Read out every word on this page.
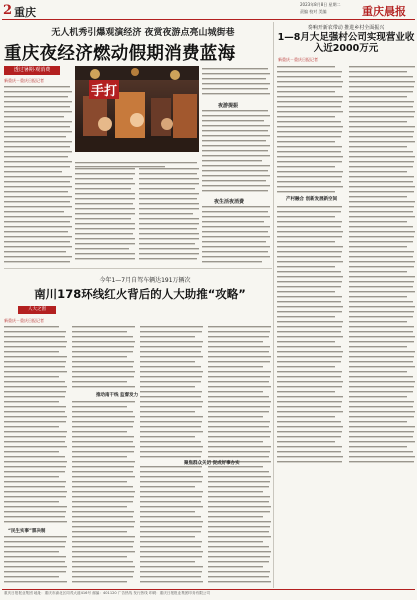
2 重庆
2023年8月8日 星期二
责编 校对 美编	重庆晨报
无人机秀引爆观演经济 夜赏夜游点亮山城街巷
重庆夜经济燃动假期消费蓝海
透过暑期·观消费
新重庆－重庆日报记者
手打
夜游提振
夜生活夜消费
奏响开新农带动 推进乡村全面振兴
1—8月大足强村公司实现营业收入近2000万元
新重庆－重庆日报记者
产村融合 创新发展新空间
今年1—7月自驾车辆达191万辆次
南川178环线红火背后的人大助推“攻略”
人大之窗
新重庆－重庆日报记者
推动南干线 监督发力
聚焦群众关切 促成好事办实
“民生实事”票决制
重庆日报报业集团 地址：重庆市渝北区同茂大道416号 邮编：401120 广告热线 发行热线 印刷：重庆日报报业集团印务有限公司
